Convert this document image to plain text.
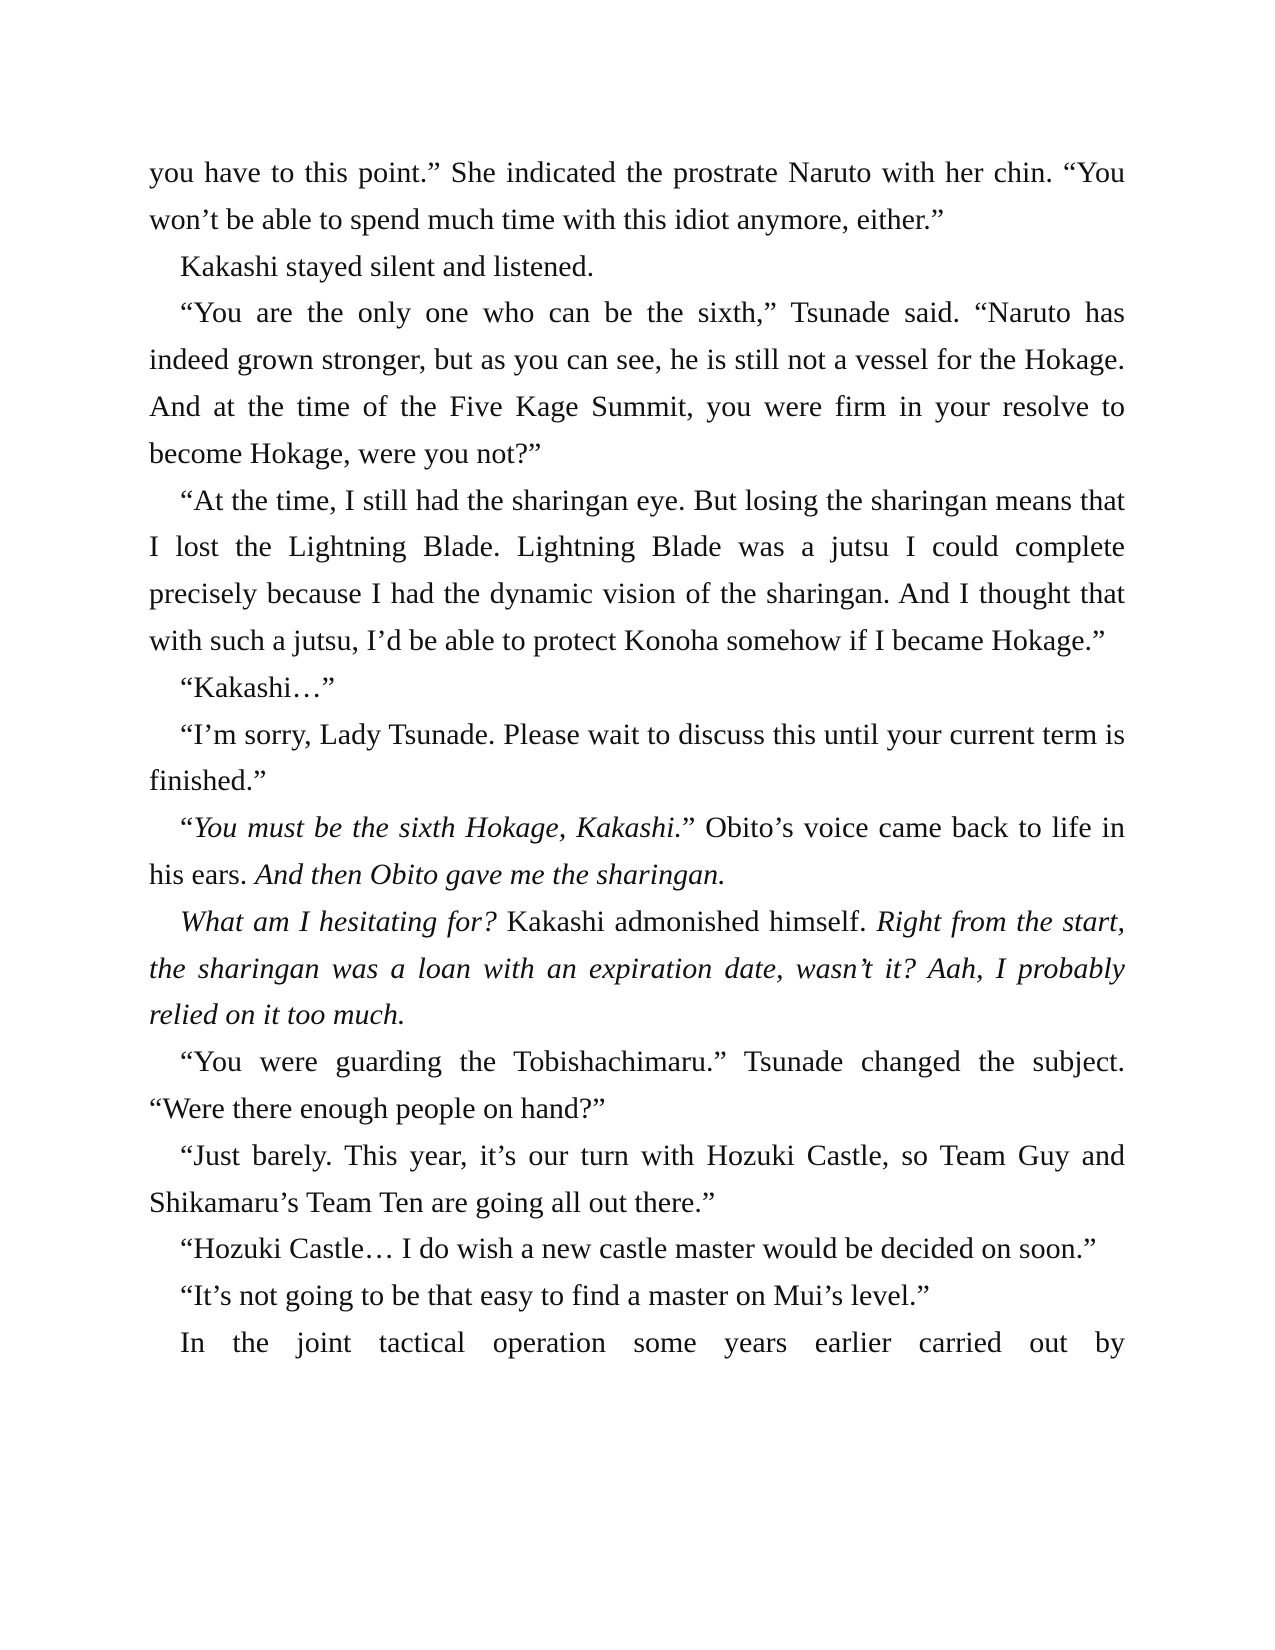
you have to this point.” She indicated the prostrate Naruto with her chin. “You won’t be able to spend much time with this idiot anymore, either.”

Kakashi stayed silent and listened.

“You are the only one who can be the sixth,” Tsunade said. “Naruto has indeed grown stronger, but as you can see, he is still not a vessel for the Hokage. And at the time of the Five Kage Summit, you were firm in your resolve to become Hokage, were you not?”

“At the time, I still had the sharingan eye. But losing the sharingan means that I lost the Lightning Blade. Lightning Blade was a jutsu I could complete precisely because I had the dynamic vision of the sharingan. And I thought that with such a jutsu, I’d be able to protect Konoha somehow if I became Hokage.”

“Kakashi…”

“I’m sorry, Lady Tsunade. Please wait to discuss this until your current term is finished.”

“You must be the sixth Hokage, Kakashi.” Obito’s voice came back to life in his ears. And then Obito gave me the sharingan.

What am I hesitating for? Kakashi admonished himself. Right from the start, the sharingan was a loan with an expiration date, wasn’t it? Aah, I probably relied on it too much.

“You were guarding the Tobishachimaru.” Tsunade changed the subject. “Were there enough people on hand?”

“Just barely. This year, it’s our turn with Hozuki Castle, so Team Guy and Shikamaru’s Team Ten are going all out there.”

“Hozuki Castle… I do wish a new castle master would be decided on soon.”

“It’s not going to be that easy to find a master on Mui’s level.”

In the joint tactical operation some years earlier carried out by
